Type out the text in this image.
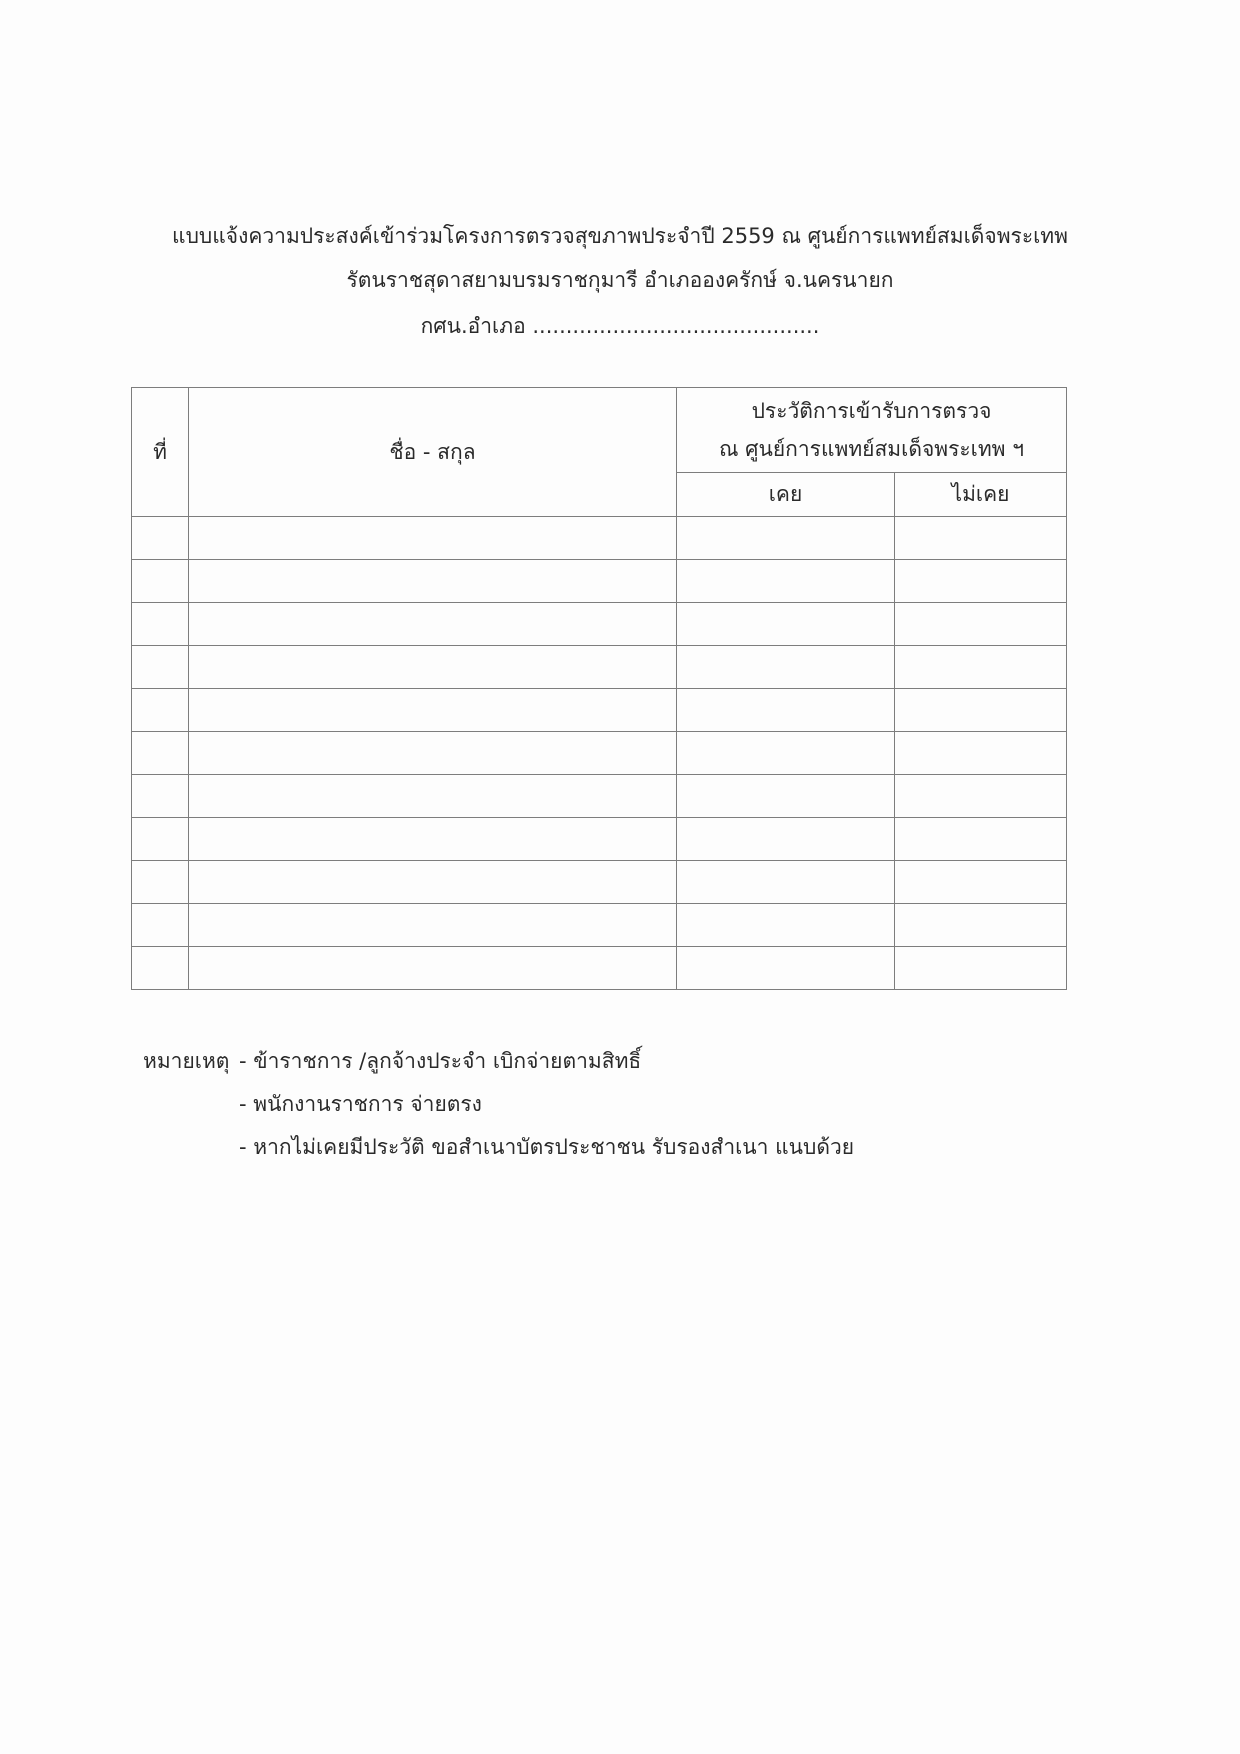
แบบแจ้งความประสงค์เข้าร่วมโครงการตรวจสุขภาพประจำปี 2559 ณ ศูนย์การแพทย์สมเด็จพระเทพ
รัตนราชสุดาสยามบรมราชกุมารี อำเภอองครักษ์ จ.นครนายก
กศน.อำเภอ ...........................................
ที่	ชื่อ - สกุล	ประวัติการเข้ารับการตรวจ
ณ ศูนย์การแพทย์สมเด็จพระเทพ ฯ	

		เคย	ไม่เคย

หมายเหตุ - ข้าราชการ /ลูกจ้างประจำ เบิกจ่ายตามสิทธิ์
- พนักงานราชการ จ่ายตรง
- หากไม่เคยมีประวัติ ขอสำเนาบัตรประชาชน รับรองสำเนา แนบด้วย
